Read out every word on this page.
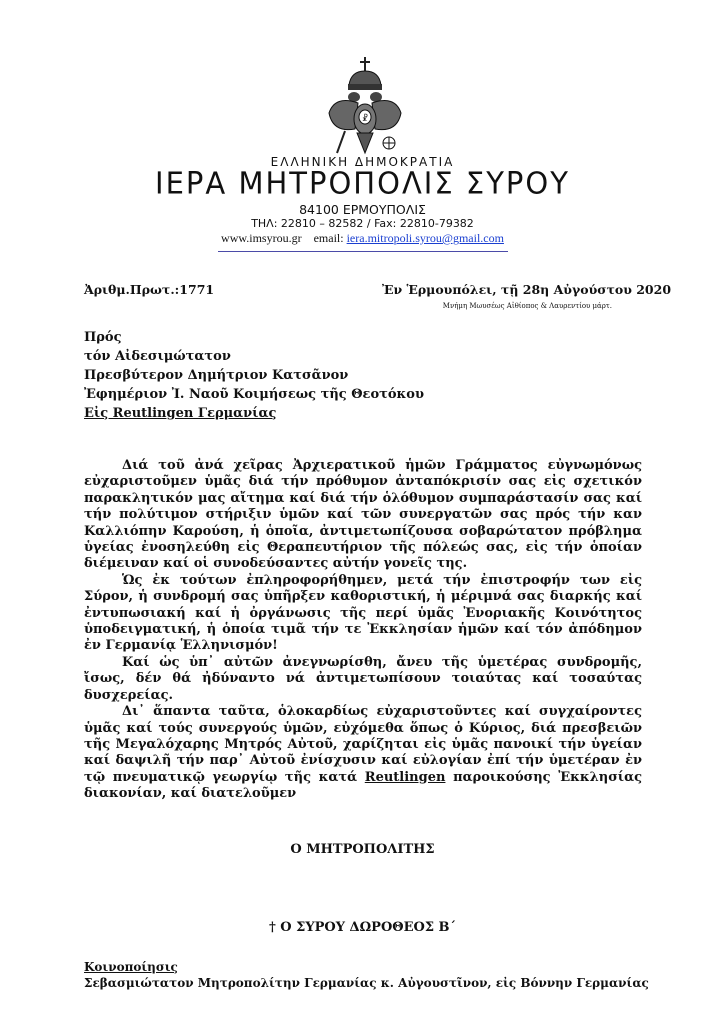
☧
ΕΛΛΗΝΙΚΗ ΔΗΜΟΚΡΑΤΙΑ
ΙΕΡΑ ΜΗΤΡΟΠΟΛΙΣ ΣΥΡΟΥ
84100 ΕΡΜΟΥΠΟΛΙΣ
ΤΗΛ: 22810 – 82582 / Fax: 22810-79382
www.imsyrou.gr email: iera.mitropoli.syrou@gmail.com
Ἀριθμ.Πρωτ.:1771	Ἐν Ἑρμουπόλει, τῇ 28η Αὐγούστου 2020
Μνήμη Μωυσέως Αἰθίοπος & Λαυρεντίου μάρτ.
Πρός
τόν Αἰδεσιμώτατον
Πρεσβύτερον Δημήτριον Κατσᾶνον
Ἐφημέριον Ἰ. Ναοῦ Κοιμήσεως τῆς Θεοτόκου
Εἰς Reutlingen Γερμανίας

Διά τοῦ ἀνά χεῖρας Ἀρχιερατικοῦ ἡμῶν Γράμματος εὐγνωμόνως εὐχαριστοῦμεν ὑμᾶς διά τήν πρόθυμον ἀνταπόκρισίν σας εἰς σχετικόν παρακλητικόν μας αἴτημα καί διά τήν ὁλόθυμον συμπαράστασίν σας καί τήν πολύτιμον στήριξιν ὑμῶν καί τῶν συνεργατῶν σας πρός τήν καν Καλλιόπην Καρούση, ἡ ὁποῖα, ἀντιμετωπίζουσα σοβαρώτατον πρόβλημα ὑγείας ἐνοσηλεύθη εἰς Θεραπευτήριον τῆς πόλεώς σας, εἰς τήν ὁποίαν διέμειναν καί οἱ συνοδεύσαντες αὐτήν γονεῖς της.

Ὡς ἐκ τούτων ἐπληροφορήθημεν, μετά τήν ἐπιστροφήν των εἰς Σύρον, ἡ συνδρομή σας ὑπῆρξεν καθοριστική, ἡ μέριμνά σας διαρκής καί ἐντυπωσιακή καί ἡ ὀργάνωσις τῆς περί ὑμᾶς Ἐνοριακῆς Κοινότητος ὑποδειγματική, ἡ ὁποία τιμᾶ τήν τε Ἐκκλησίαν ἡμῶν καί τόν ἀπόδημον ἐν Γερμανίᾳ Ἑλληνισμόν!

Καί ὡς ὑπ᾽ αὐτῶν ἀνεγνωρίσθη, ἄνευ τῆς ὑμετέρας συνδρομῆς, ἴσως, δέν θά ἠδύναντο νά ἀντιμετωπίσουν τοιαύτας καί τοσαύτας δυσχερείας.

Δι᾽ ἅπαντα ταῦτα, ὁλοκαρδίως εὐχαριστοῦντες καί συγχαίροντες ὑμᾶς καί τούς συνεργούς ὑμῶν, εὐχόμεθα ὅπως ὁ Κύριος, διά πρεσβειῶν τῆς Μεγαλόχαρης Μητρός Αὐτοῦ, χαρίζηται εἰς ὑμᾶς πανοικί τήν ὑγείαν καί δαψιλῆ τήν παρ᾽ Αὐτοῦ ἐνίσχυσιν καί εὐλογίαν ἐπί τήν ὑμετέραν ἐν τῷ πνευματικῷ γεωργίῳ τῆς κατά Reutlingen παροικούσης Ἐκκλησίας διακονίαν, καί διατελοῦμεν

Ο ΜΗΤΡΟΠΟΛΙΤΗΣ
† Ο ΣΥΡΟΥ ΔΩΡΟΘΕΟΣ Β΄
Κοινοποίησις
Σεβασμιώτατον Μητροπολίτην Γερμανίας κ. Αὐγουστῖνον, εἰς Βόννην Γερμανίας
